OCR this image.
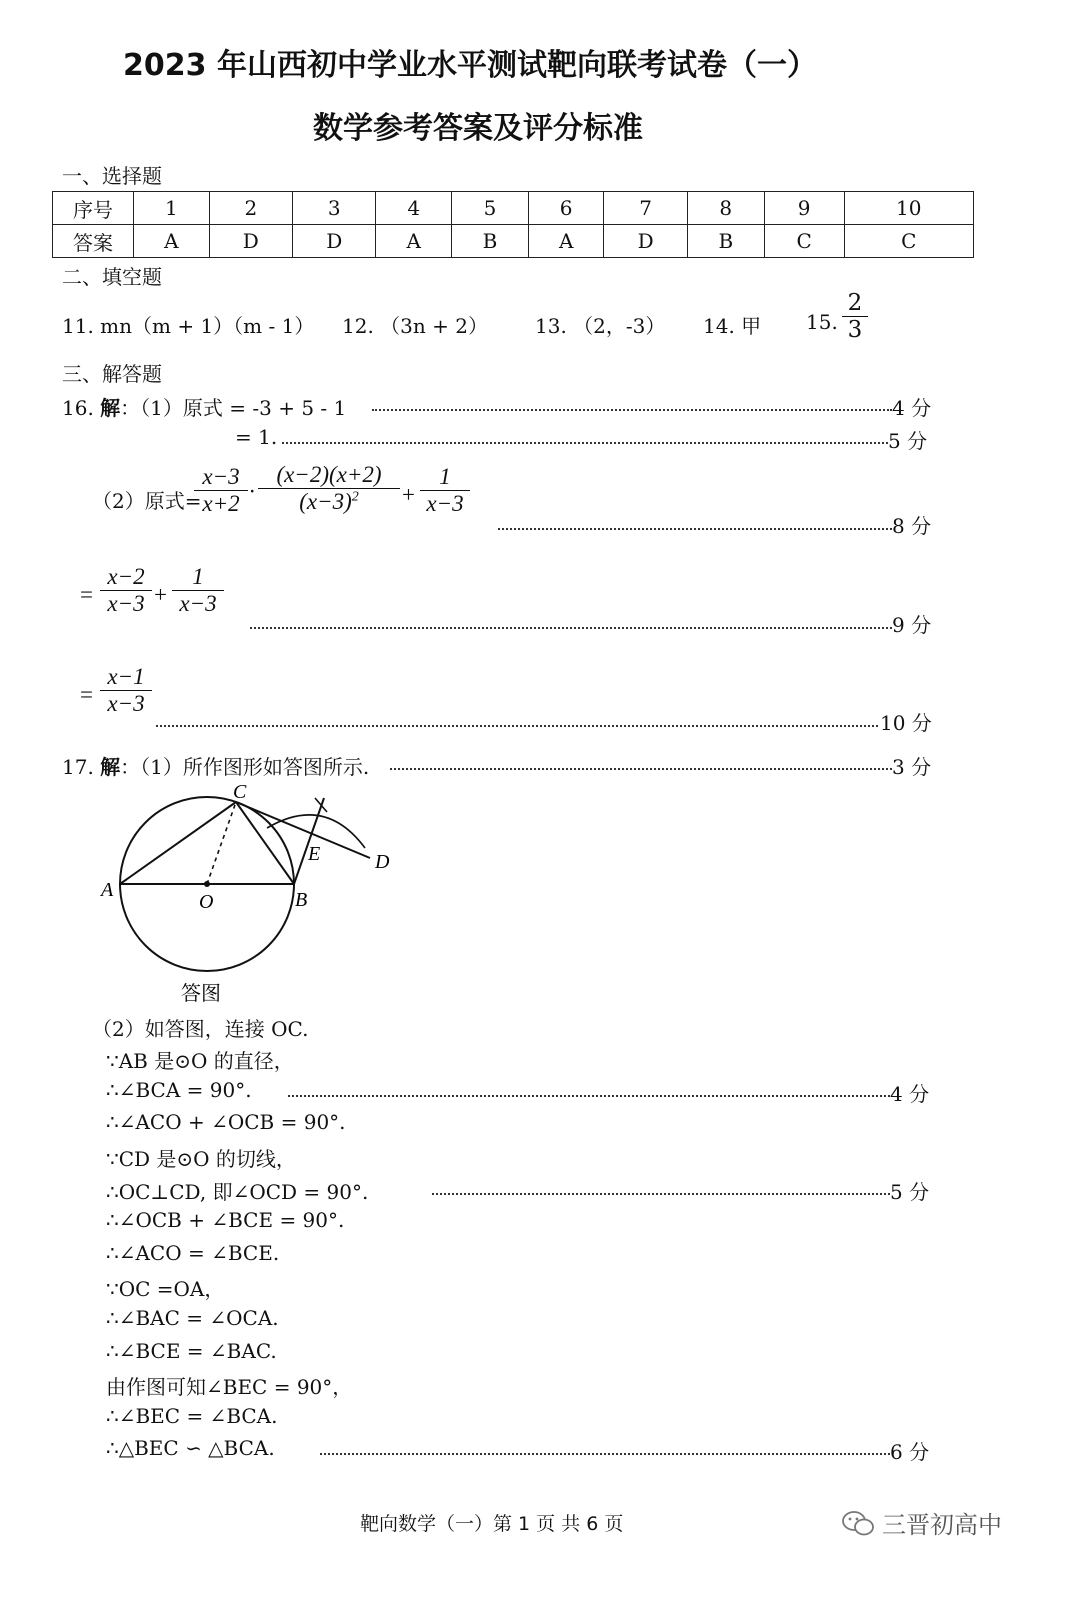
2023 年山西初中学业水平测试靶向联考试卷（一）
数学参考答案及评分标准
一、选择题
序号	1	2	3	4	5	6	7	8	9	10
答案	A	D	D	A	B	A	D	B	C	C
二、填空题
11. mn（m + 1）（m - 1） 12. （3n + 2） 13. （2，-3） 14. 甲 15. $\frac{2}{3}$
三、解答题
16. 解：（1）原式 = -3 + 5 - 1	4 分
= 1.	5 分
（2）原式=
$\frac{x-3}{x+2} \cdot \frac{(x-2)(x+2)}{(x-3)^2} + \frac{1}{x-3}$
8 分
= $\frac{x-2}{x-3} + \frac{1}{x-3}$
9 分
= $\frac{x-1}{x-3}$
10 分
17. 解：（1）所作图形如答图所示.	3 分
A	B
C
D
E
O
答图
（2）如答图，连接 OC.
∵AB 是⊙O 的直径，
∴∠BCA = 90°.	4 分
∴∠ACO + ∠OCB = 90°.
∵CD 是⊙O 的切线，
∴OC⊥CD, 即∠OCD = 90°.	5 分
∴∠OCB + ∠BCE = 90°.
∴∠ACO = ∠BCE.
∵OC =OA，
∴∠BAC = ∠OCA.
∴∠BCE = ∠BAC.
由作图可知∠BEC = 90°，
∴∠BEC = ∠BCA.
∴△BEC ∽ △BCA.	6 分
靶向数学（一）第 1 页 共 6 页	三晋初高中
